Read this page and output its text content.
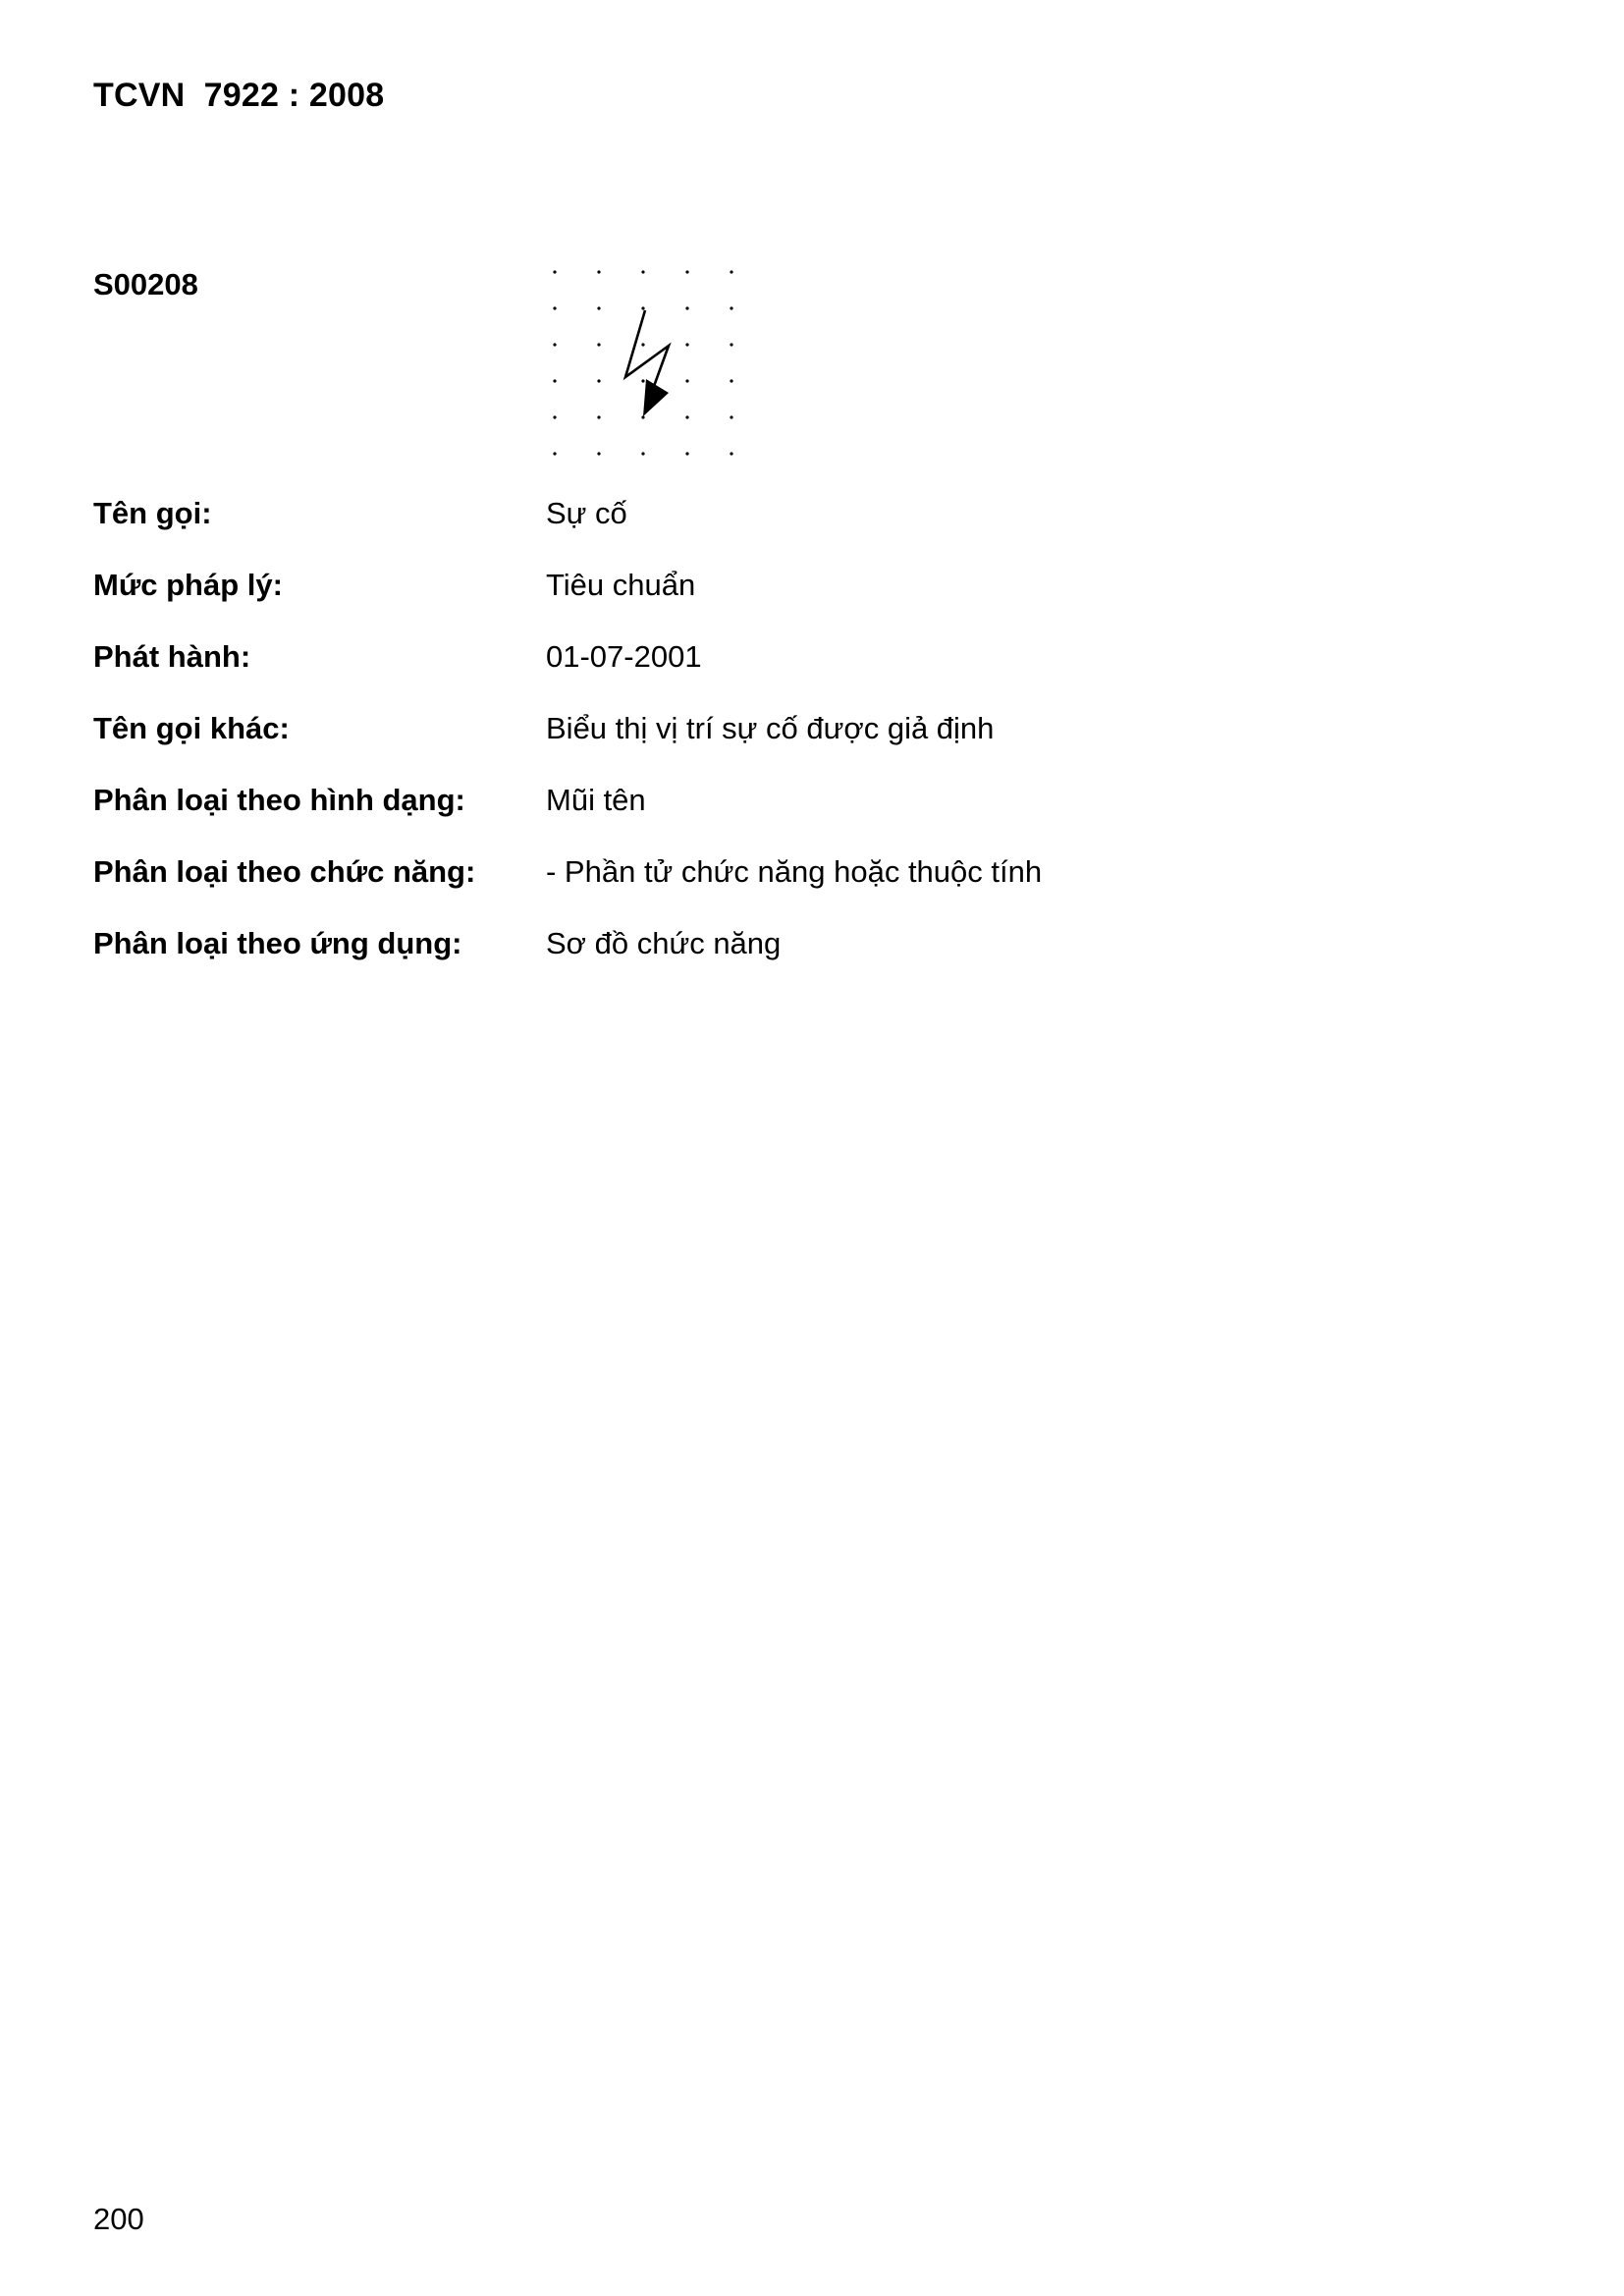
TCVN  7922 : 2008
S00208
Tên gọi:	Sự cố
Mức pháp lý:	Tiêu chuẩn
Phát hành:	01-07-2001
Tên gọi khác:	Biểu thị vị trí sự cố được giả định
Phân loại theo hình dạng:	Mũi tên
Phân loại theo chức năng: - Phần tử chức năng hoặc thuộc tính
Phân loại theo ứng dụng:	Sơ đồ chức năng
200
